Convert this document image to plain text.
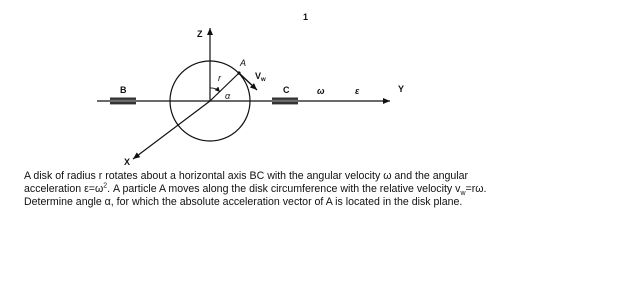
1
Z
Y
X
B	C
A
r
α
$V_w$
ω	ε

A disk of radius r rotates about a horizontal axis BC with the angular velocity ω and the angular

acceleration $\varepsilon=\omega^2$. A particle A moves along the disk circumference with the relative velocity $v_w=r\omega$.

Determine angle α, for which the absolute acceleration vector of A is located in the disk plane.
